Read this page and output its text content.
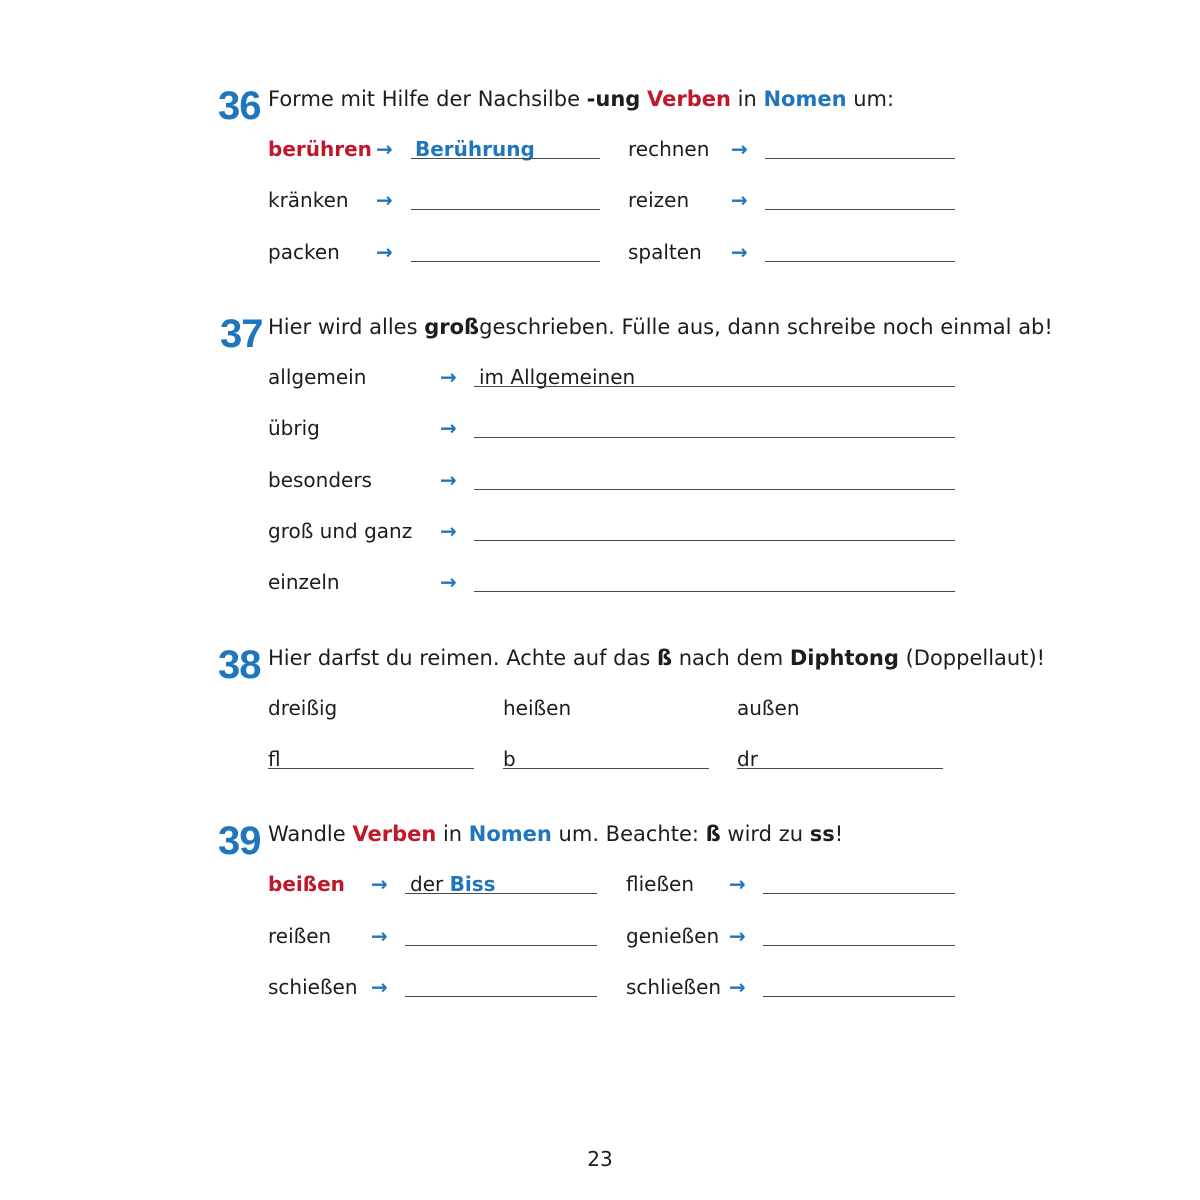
36 Forme mit Hilfe der Nachsilbe -ung Verben in Nomen um:
berühren → Berührung	rechnen →
kränken →	reizen →
packen →	spalten →
37 Hier wird alles großgeschrieben. Fülle aus, dann schreibe noch einmal ab!
allgemein	→ im Allgemeinen
übrig	→
besonders	→
groß und ganz →
einzeln	→
38 Hier darfst du reimen. Achte auf das ß nach dem Diphtong (Doppellaut)!
dreißig	heißen	außen
fl	b	dr
39 Wandle Verben in Nomen um. Beachte: ß wird zu ss!
beißen → der Biss	fließen →
reißen →	genießen →
schießen →	schließen →
23
